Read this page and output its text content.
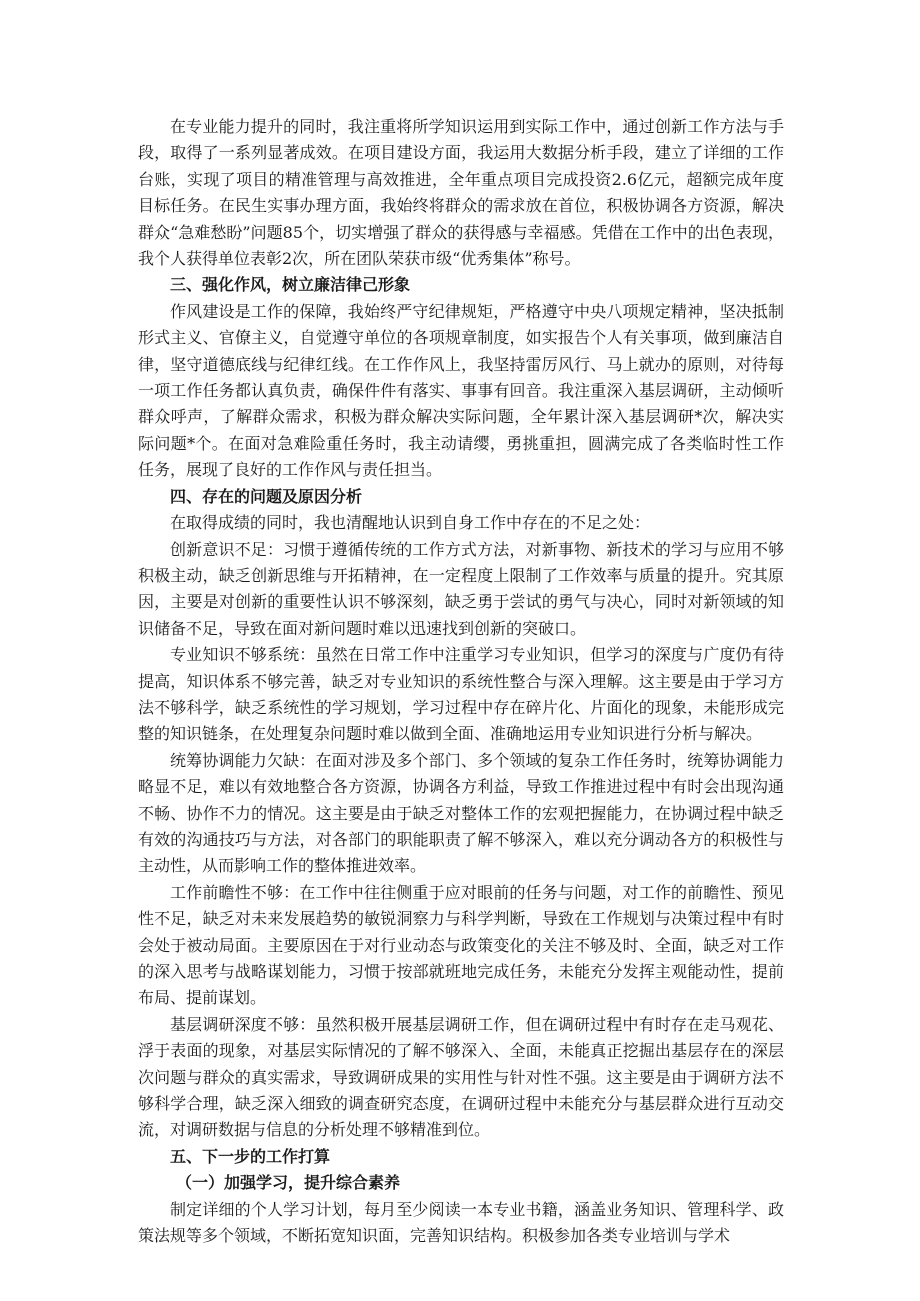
在专业能力提升的同时，我注重将所学知识运用到实际工作中，通过创新工作方法与手段，取得了一系列显著成效。在项目建设方面，我运用大数据分析手段，建立了详细的工作台账，实现了项目的精准管理与高效推进，全年重点项目完成投资2.6亿元，超额完成年度目标任务。在民生实事办理方面，我始终将群众的需求放在首位，积极协调各方资源，解决群众“急难愁盼”问题85个，切实增强了群众的获得感与幸福感。凭借在工作中的出色表现，我个人获得单位表彰2次，所在团队荣获市级“优秀集体”称号。

三、强化作风，树立廉洁律己形象

作风建设是工作的保障，我始终严守纪律规矩，严格遵守中央八项规定精神，坚决抵制形式主义、官僚主义，自觉遵守单位的各项规章制度，如实报告个人有关事项，做到廉洁自律，坚守道德底线与纪律红线。在工作作风上，我坚持雷厉风行、马上就办的原则，对待每一项工作任务都认真负责，确保件件有落实、事事有回音。我注重深入基层调研，主动倾听群众呼声，了解群众需求，积极为群众解决实际问题，全年累计深入基层调研*次，解决实际问题*个。在面对急难险重任务时，我主动请缨，勇挑重担，圆满完成了各类临时性工作任务，展现了良好的工作作风与责任担当。

四、存在的问题及原因分析

在取得成绩的同时，我也清醒地认识到自身工作中存在的不足之处：

创新意识不足：习惯于遵循传统的工作方式方法，对新事物、新技术的学习与应用不够积极主动，缺乏创新思维与开拓精神，在一定程度上限制了工作效率与质量的提升。究其原因，主要是对创新的重要性认识不够深刻，缺乏勇于尝试的勇气与决心，同时对新领域的知识储备不足，导致在面对新问题时难以迅速找到创新的突破口。

专业知识不够系统：虽然在日常工作中注重学习专业知识，但学习的深度与广度仍有待提高，知识体系不够完善，缺乏对专业知识的系统性整合与深入理解。这主要是由于学习方法不够科学，缺乏系统性的学习规划，学习过程中存在碎片化、片面化的现象，未能形成完整的知识链条，在处理复杂问题时难以做到全面、准确地运用专业知识进行分析与解决。

统筹协调能力欠缺：在面对涉及多个部门、多个领域的复杂工作任务时，统筹协调能力略显不足，难以有效地整合各方资源，协调各方利益，导致工作推进过程中有时会出现沟通不畅、协作不力的情况。这主要是由于缺乏对整体工作的宏观把握能力，在协调过程中缺乏有效的沟通技巧与方法，对各部门的职能职责了解不够深入，难以充分调动各方的积极性与主动性，从而影响工作的整体推进效率。

工作前瞻性不够：在工作中往往侧重于应对眼前的任务与问题，对工作的前瞻性、预见性不足，缺乏对未来发展趋势的敏锐洞察力与科学判断，导致在工作规划与决策过程中有时会处于被动局面。主要原因在于对行业动态与政策变化的关注不够及时、全面，缺乏对工作的深入思考与战略谋划能力，习惯于按部就班地完成任务，未能充分发挥主观能动性，提前布局、提前谋划。

基层调研深度不够：虽然积极开展基层调研工作，但在调研过程中有时存在走马观花、浮于表面的现象，对基层实际情况的了解不够深入、全面，未能真正挖掘出基层存在的深层次问题与群众的真实需求，导致调研成果的实用性与针对性不强。这主要是由于调研方法不够科学合理，缺乏深入细致的调查研究态度，在调研过程中未能充分与基层群众进行互动交流，对调研数据与信息的分析处理不够精准到位。

五、下一步的工作打算

（一）加强学习，提升综合素养

制定详细的个人学习计划，每月至少阅读一本专业书籍，涵盖业务知识、管理科学、政策法规等多个领域，不断拓宽知识面，完善知识结构。积极参加各类专业培训与学术
